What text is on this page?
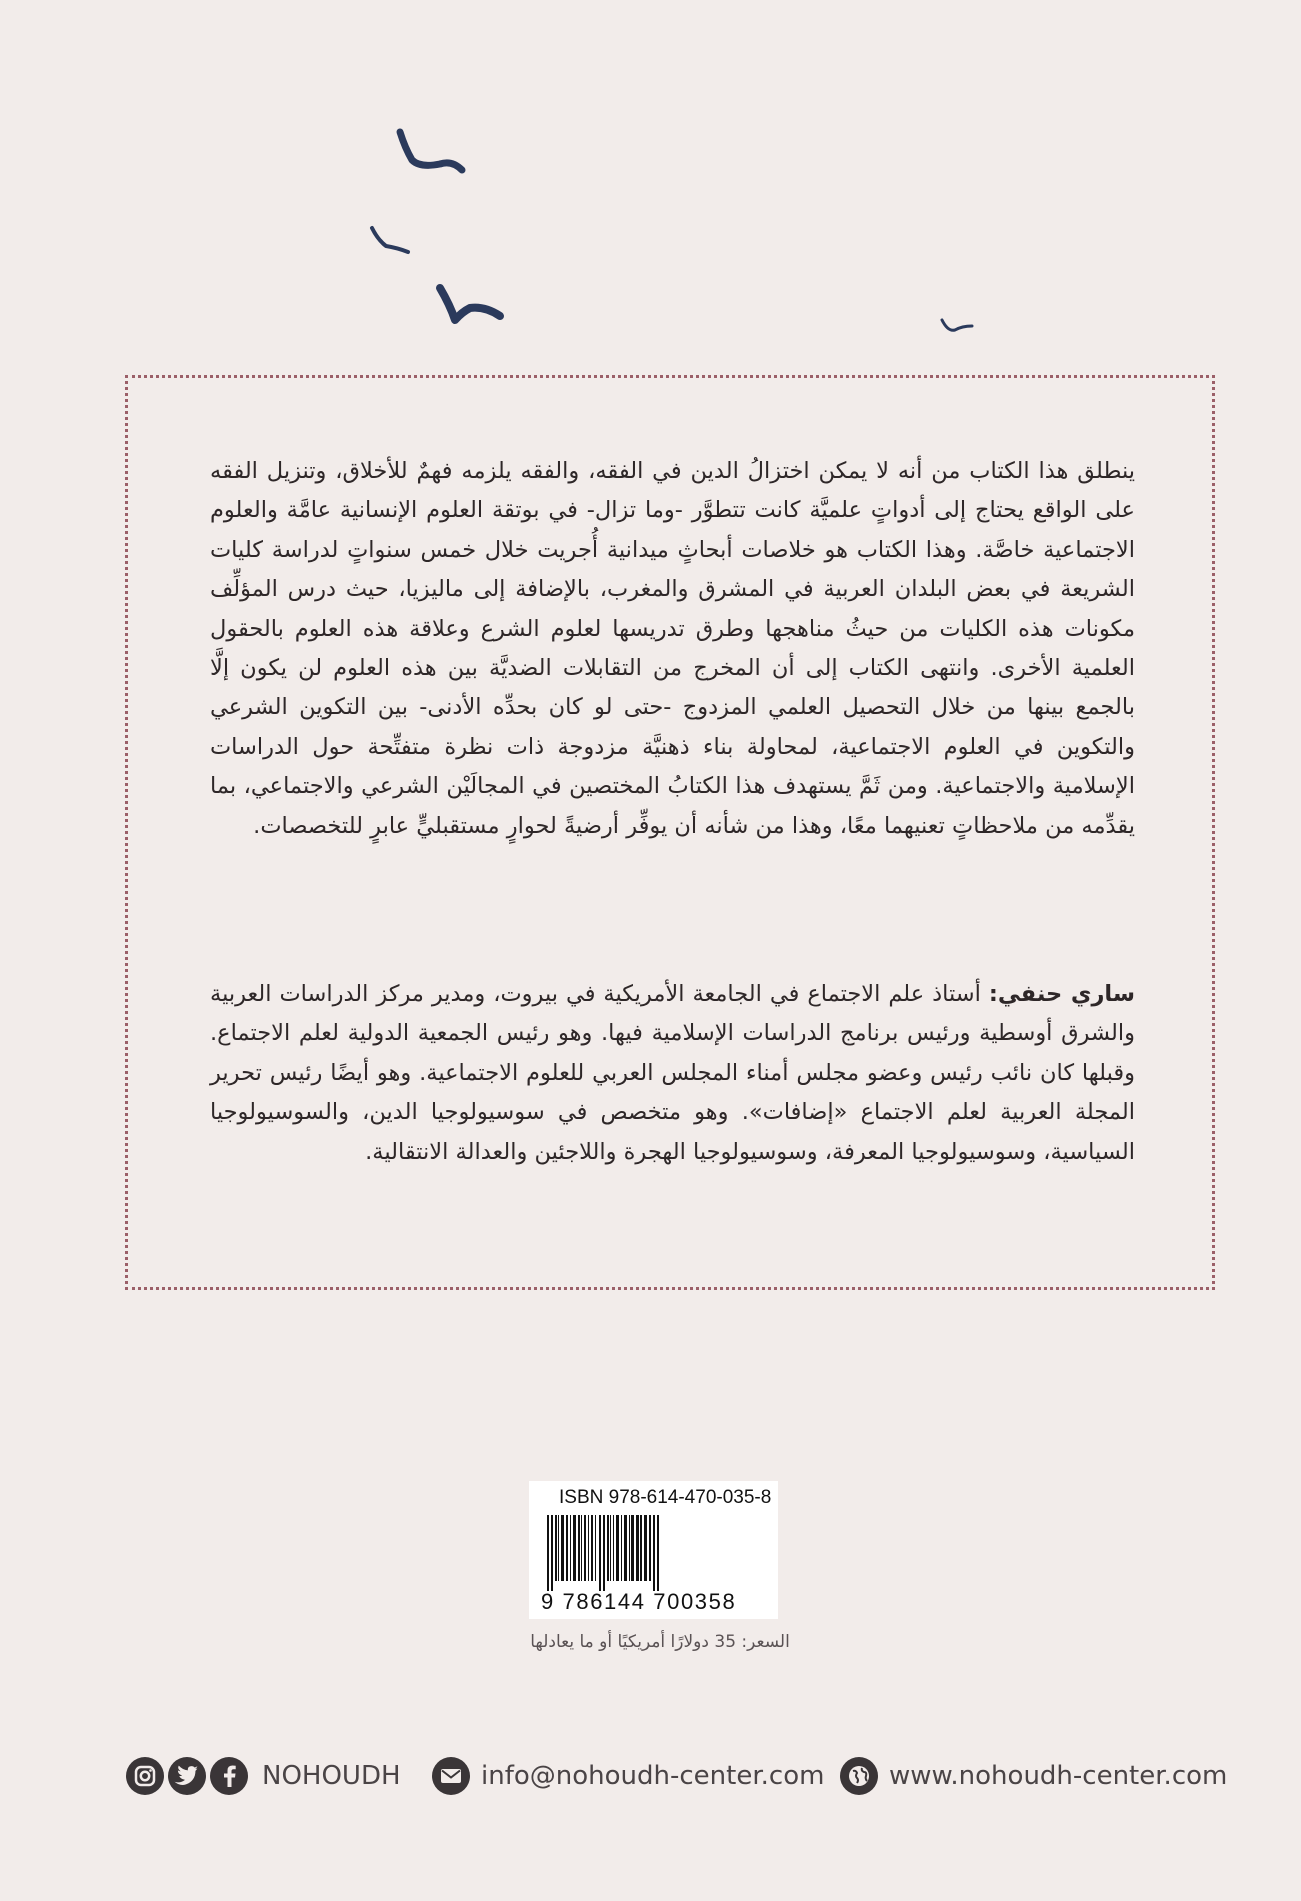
ينطلق هذا الكتاب من أنه لا يمكن اختزالُ الدين في الفقه، والفقه يلزمه فهمٌ للأخلاق، وتنزيل الفقه على الواقع يحتاج إلى أدواتٍ علميَّة كانت تتطوَّر -وما تزال- في بوتقة العلوم الإنسانية عامَّة والعلوم الاجتماعية خاصَّة. وهذا الكتاب هو خلاصات أبحاثٍ ميدانية أُجريت خلال خمس سنواتٍ لدراسة كليات الشريعة في بعض البلدان العربية في المشرق والمغرب، بالإضافة إلى ماليزيا، حيث درس المؤلِّف مكونات هذه الكليات من حيثُ مناهجها وطرق تدريسها لعلوم الشرع وعلاقة هذه العلوم بالحقول العلمية الأخرى. وانتهى الكتاب إلى أن المخرج من التقابلات الضديَّة بين هذه العلوم لن يكون إلَّا بالجمع بينها من خلال التحصيل العلمي المزدوج -حتى لو كان بحدِّه الأدنى- بين التكوين الشرعي والتكوين في العلوم الاجتماعية، لمحاولة بناء ذهنيَّة مزدوجة ذات نظرة متفتِّحة حول الدراسات الإسلامية والاجتماعية. ومن ثَمَّ يستهدف هذا الكتابُ المختصين في المجالَيْن الشرعي والاجتماعي، بما يقدِّمه من ملاحظاتٍ تعنيهما معًا، وهذا من شأنه أن يوفِّر أرضيةً لحوارٍ مستقبليٍّ عابرٍ للتخصصات.

ساري حنفي: أستاذ علم الاجتماع في الجامعة الأمريكية في بيروت، ومدير مركز الدراسات العربية والشرق أوسطية ورئيس برنامج الدراسات الإسلامية فيها. وهو رئيس الجمعية الدولية لعلم الاجتماع. وقبلها كان نائب رئيس وعضو مجلس أمناء المجلس العربي للعلوم الاجتماعية. وهو أيضًا رئيس تحرير المجلة العربية لعلم الاجتماع «إضافات». وهو متخصص في سوسيولوجيا الدين، والسوسيولوجيا السياسية، وسوسيولوجيا المعرفة، وسوسيولوجيا الهجرة واللاجئين والعدالة الانتقالية.

ISBN 978-614-470-035-8
9 786144 700358
السعر: 35 دولارًا أمريكيًا أو ما يعادلها
NOHOUDH	info@nohoudh-center.com www.nohoudh-center.com
